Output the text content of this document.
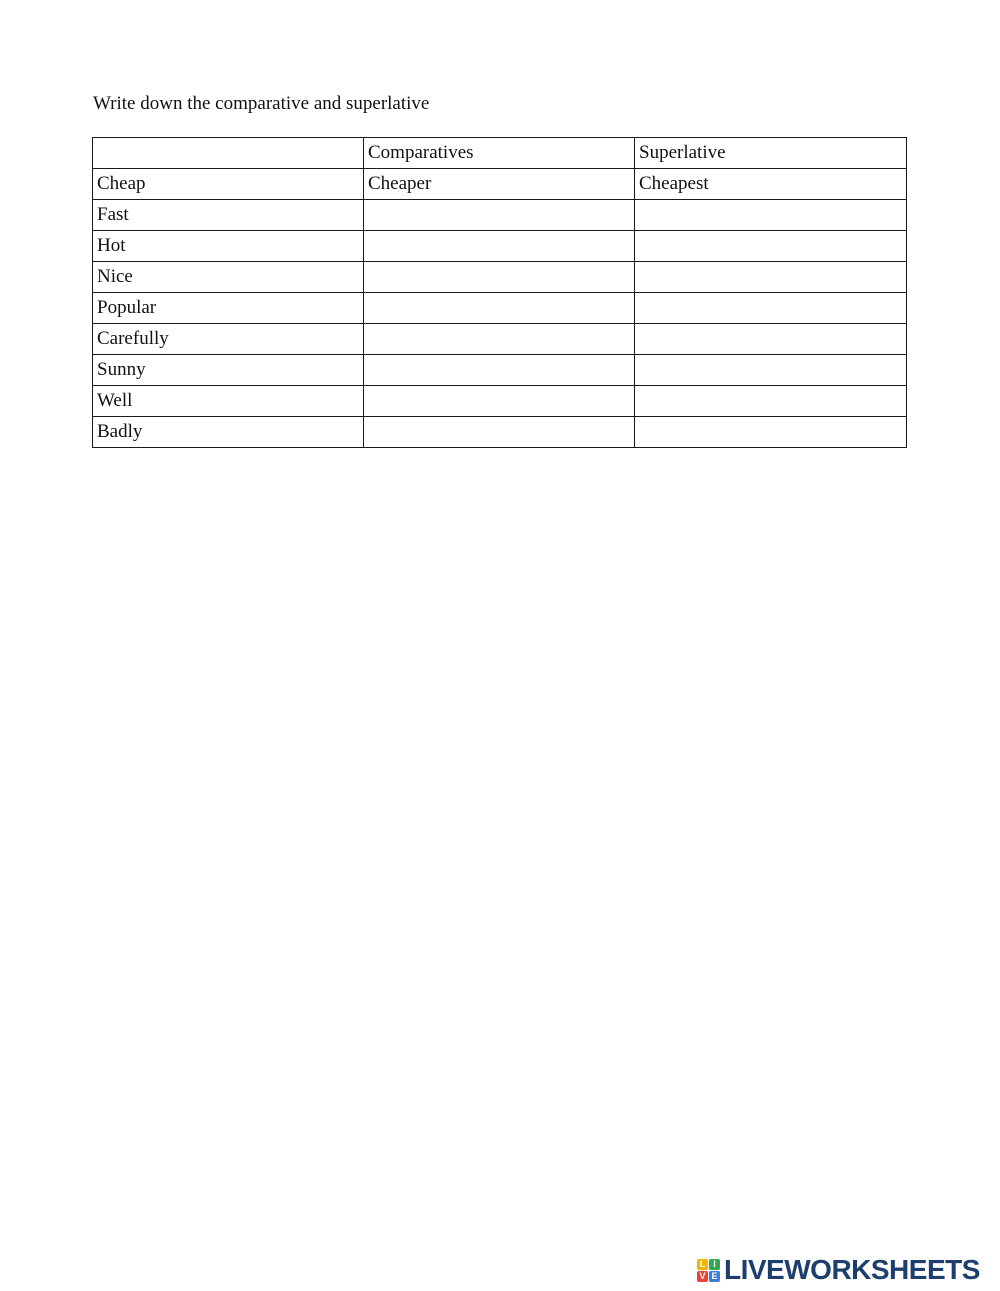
Write down the comparative and superlative
	Comparatives	Superlative
Cheap	Cheaper	Cheapest
Fast		
Hot		
Nice		
Popular		
Carefully		
Sunny		
Well		
Badly		
L I
V E LIVEWORKSHEETS
